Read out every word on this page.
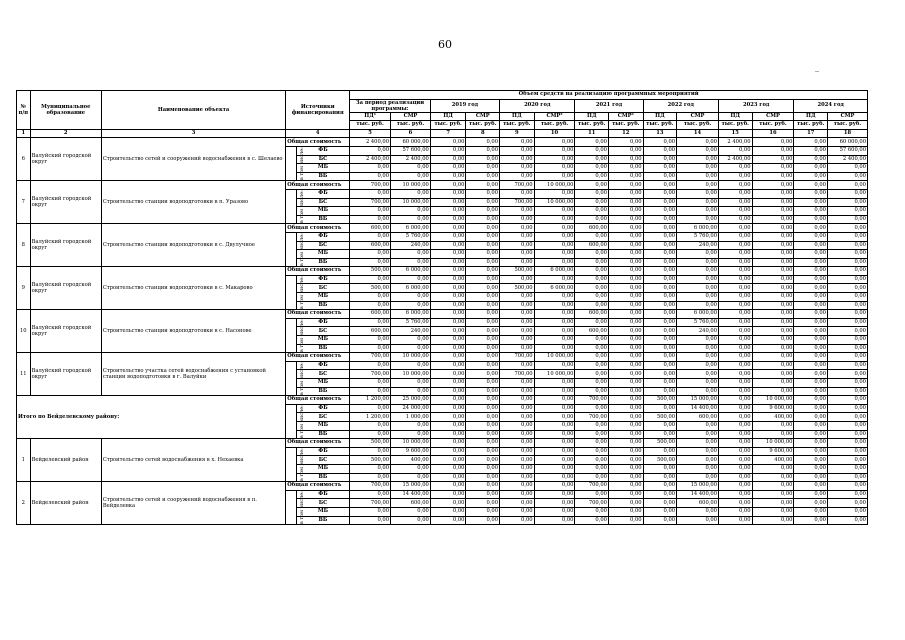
60
_
№ п/п	Муниципальное образование	Наименование объекта	Источники финансирования		Объем средств на реализацию программных мероприятий													
					За период реализации программы:		2019 год		2020 год		2021 год		2022 год		2023 год		2024 год	
					ПД¹	СМР	ПД	СМР	ПД	СМР²	ПД	СМР²	ПД	СМР	ПД	СМР	ПД	СМР
					тыс. руб.	тыс. руб.	тыс. руб.	тыс. руб.	тыс. руб.	тыс. руб.	тыс. руб.	тыс. руб.	тыс. руб.	тыс. руб.	тыс. руб.	тыс. руб.	тыс. руб.	тыс. руб.
1	2	3	4		5	6	7	8	9	10	11	12	13	14	15	16	17	18
6	Валуйский городской округ	Строительство сетей и сооружений водоснабжения в с. Шелаево	Общая стоимость		2 400,00	60 000,00	0,00	0,00	0,00	0,00	0,00	0,00	0,00	0,00	2 400,00	0,00	0,00	60 000,00
			в том числе:	ФБ	0,00	57 600,00	0,00	0,00	0,00	0,00	0,00	0,00	0,00	0,00	0,00	0,00	0,00	57 600,00
				БС	2 400,00	2 400,00	0,00	0,00	0,00	0,00	0,00	0,00	0,00	0,00	2 400,00	0,00	0,00	2 400,00
				МБ	0,00	0,00	0,00	0,00	0,00	0,00	0,00	0,00	0,00	0,00	0,00	0,00	0,00	0,00
				ВБ	0,00	0,00	0,00	0,00	0,00	0,00	0,00	0,00	0,00	0,00	0,00	0,00	0,00	0,00
7	Валуйский городской округ	Строительство станции водоподготовки в п. Уразово	Общая стоимость		700,00	10 000,00	0,00	0,00	700,00	10 000,00	0,00	0,00	0,00	0,00	0,00	0,00	0,00	0,00
			в том числе:	ФБ	0,00	0,00	0,00	0,00	0,00	0,00	0,00	0,00	0,00	0,00	0,00	0,00	0,00	0,00
				БС	700,00	10 000,00	0,00	0,00	700,00	10 000,00	0,00	0,00	0,00	0,00	0,00	0,00	0,00	0,00
				МБ	0,00	0,00	0,00	0,00	0,00	0,00	0,00	0,00	0,00	0,00	0,00	0,00	0,00	0,00
				ВБ	0,00	0,00	0,00	0,00	0,00	0,00	0,00	0,00	0,00	0,00	0,00	0,00	0,00	0,00
8	Валуйский городской округ	Строительство станции водоподготовки в с. Двулучное	Общая стоимость		600,00	6 000,00	0,00	0,00	0,00	0,00	600,00	0,00	0,00	6 000,00	0,00	0,00	0,00	0,00
			в том числе:	ФБ	0,00	5 760,00	0,00	0,00	0,00	0,00	0,00	0,00	0,00	5 760,00	0,00	0,00	0,00	0,00
				БС	600,00	240,00	0,00	0,00	0,00	0,00	600,00	0,00	0,00	240,00	0,00	0,00	0,00	0,00
				МБ	0,00	0,00	0,00	0,00	0,00	0,00	0,00	0,00	0,00	0,00	0,00	0,00	0,00	0,00
				ВБ	0,00	0,00	0,00	0,00	0,00	0,00	0,00	0,00	0,00	0,00	0,00	0,00	0,00	0,00
9	Валуйский городской округ	Строительство станции водоподготовки в с. Макарово	Общая стоимость		500,00	6 000,00	0,00	0,00	500,00	6 000,00	0,00	0,00	0,00	0,00	0,00	0,00	0,00	0,00
			в том числе:	ФБ	0,00	0,00	0,00	0,00	0,00	0,00	0,00	0,00	0,00	0,00	0,00	0,00	0,00	0,00
				БС	500,00	6 000,00	0,00	0,00	500,00	6 000,00	0,00	0,00	0,00	0,00	0,00	0,00	0,00	0,00
				МБ	0,00	0,00	0,00	0,00	0,00	0,00	0,00	0,00	0,00	0,00	0,00	0,00	0,00	0,00
				ВБ	0,00	0,00	0,00	0,00	0,00	0,00	0,00	0,00	0,00	0,00	0,00	0,00	0,00	0,00
10	Валуйский городской округ	Строительство станции водоподготовки в с. Насонове	Общая стоимость		600,00	6 000,00	0,00	0,00	0,00	0,00	600,00	0,00	0,00	6 000,00	0,00	0,00	0,00	0,00
			в том числе:	ФБ	0,00	5 760,00	0,00	0,00	0,00	0,00	0,00	0,00	0,00	5 760,00	0,00	0,00	0,00	0,00
				БС	600,00	240,00	0,00	0,00	0,00	0,00	600,00	0,00	0,00	240,00	0,00	0,00	0,00	0,00
				МБ	0,00	0,00	0,00	0,00	0,00	0,00	0,00	0,00	0,00	0,00	0,00	0,00	0,00	0,00
				ВБ	0,00	0,00	0,00	0,00	0,00	0,00	0,00	0,00	0,00	0,00	0,00	0,00	0,00	0,00
11	Валуйский городской округ	Строительство участка сетей водоснабжения с установкой станции водоподготовки в г. Валуйки	Общая стоимость		700,00	10 000,00	0,00	0,00	700,00	10 000,00	0,00	0,00	0,00	0,00	0,00	0,00	0,00	0,00
			в том числе:	ФБ	0,00	0,00	0,00	0,00	0,00	0,00	0,00	0,00	0,00	0,00	0,00	0,00	0,00	0,00
				БС	700,00	10 000,00	0,00	0,00	700,00	10 000,00	0,00	0,00	0,00	0,00	0,00	0,00	0,00	0,00
				МБ	0,00	0,00	0,00	0,00	0,00	0,00	0,00	0,00	0,00	0,00	0,00	0,00	0,00	0,00
				ВБ	0,00	0,00	0,00	0,00	0,00	0,00	0,00	0,00	0,00	0,00	0,00	0,00	0,00	0,00
Итого по Вейделевскому району:			Общая стоимость		1 200,00	25 000,00	0,00	0,00	0,00	0,00	700,00	0,00	500,00	15 000,00	0,00	10 000,00	0,00	0,00
			в том числе:	ФБ	0,00	24 000,00	0,00	0,00	0,00	0,00	0,00	0,00	0,00	14 400,00	0,00	9 600,00	0,00	0,00
				БС	1 200,00	1 000,00	0,00	0,00	0,00	0,00	700,00	0,00	500,00	600,00	0,00	400,00	0,00	0,00
				МБ	0,00	0,00	0,00	0,00	0,00	0,00	0,00	0,00	0,00	0,00	0,00	0,00	0,00	0,00
				ВБ	0,00	0,00	0,00	0,00	0,00	0,00	0,00	0,00	0,00	0,00	0,00	0,00	0,00	0,00
1	Вейделевский район	Строительство сетей водоснабжения в х. Нехаевка	Общая стоимость		500,00	10 000,00	0,00	0,00	0,00	0,00	0,00	0,00	500,00	0,00	0,00	10 000,00	0,00	0,00
			в том числе:	ФБ	0,00	9 600,00	0,00	0,00	0,00	0,00	0,00	0,00	0,00	0,00	0,00	9 600,00	0,00	0,00
				БС	500,00	400,00	0,00	0,00	0,00	0,00	0,00	0,00	500,00	0,00	0,00	400,00	0,00	0,00
				МБ	0,00	0,00	0,00	0,00	0,00	0,00	0,00	0,00	0,00	0,00	0,00	0,00	0,00	0,00
				ВБ	0,00	0,00	0,00	0,00	0,00	0,00	0,00	0,00	0,00	0,00	0,00	0,00	0,00	0,00
2	Вейделевский район	Строительство сетей и сооружений водоснабжения в п. Вейделевка	Общая стоимость		700,00	15 000,00	0,00	0,00	0,00	0,00	700,00	0,00	0,00	15 000,00	0,00	0,00	0,00	0,00
			в том числе:	ФБ	0,00	14 400,00	0,00	0,00	0,00	0,00	0,00	0,00	0,00	14 400,00	0,00	0,00	0,00	0,00
				БС	700,00	600,00	0,00	0,00	0,00	0,00	700,00	0,00	0,00	600,00	0,00	0,00	0,00	0,00
				МБ	0,00	0,00	0,00	0,00	0,00	0,00	0,00	0,00	0,00	0,00	0,00	0,00	0,00	0,00
				ВБ	0,00	0,00	0,00	0,00	0,00	0,00	0,00	0,00	0,00	0,00	0,00	0,00	0,00	0,00
